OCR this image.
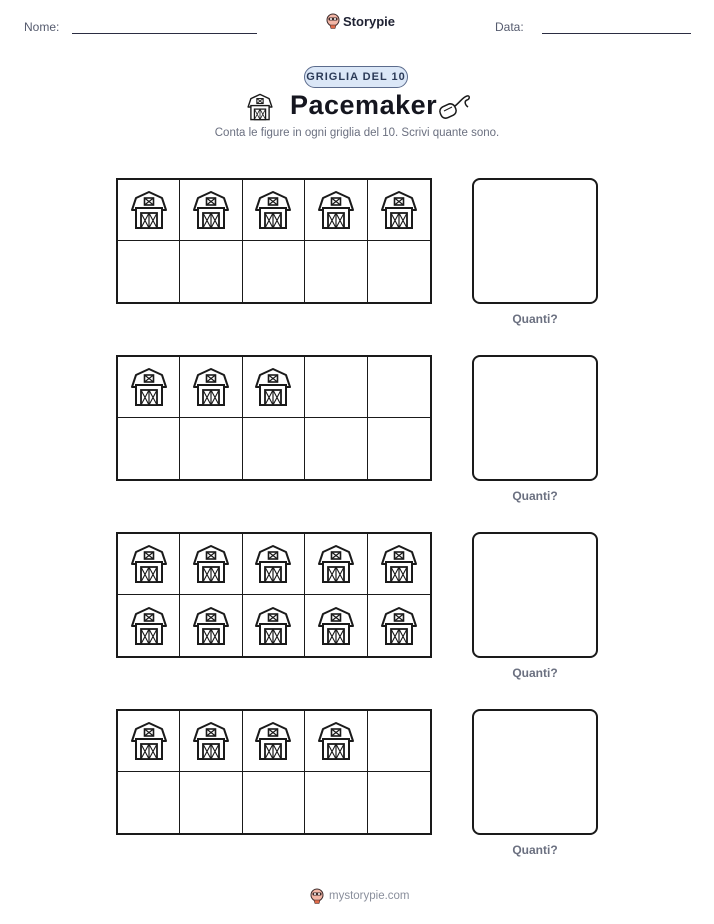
Nome:	Storypie	Data:
GRIGLIA DEL 10
Pacemaker
Conta le figure in ogni griglia del 10. Scrivi quante sono.
Quanti?
Quanti?
Quanti?
Quanti?
mystorypie.com
